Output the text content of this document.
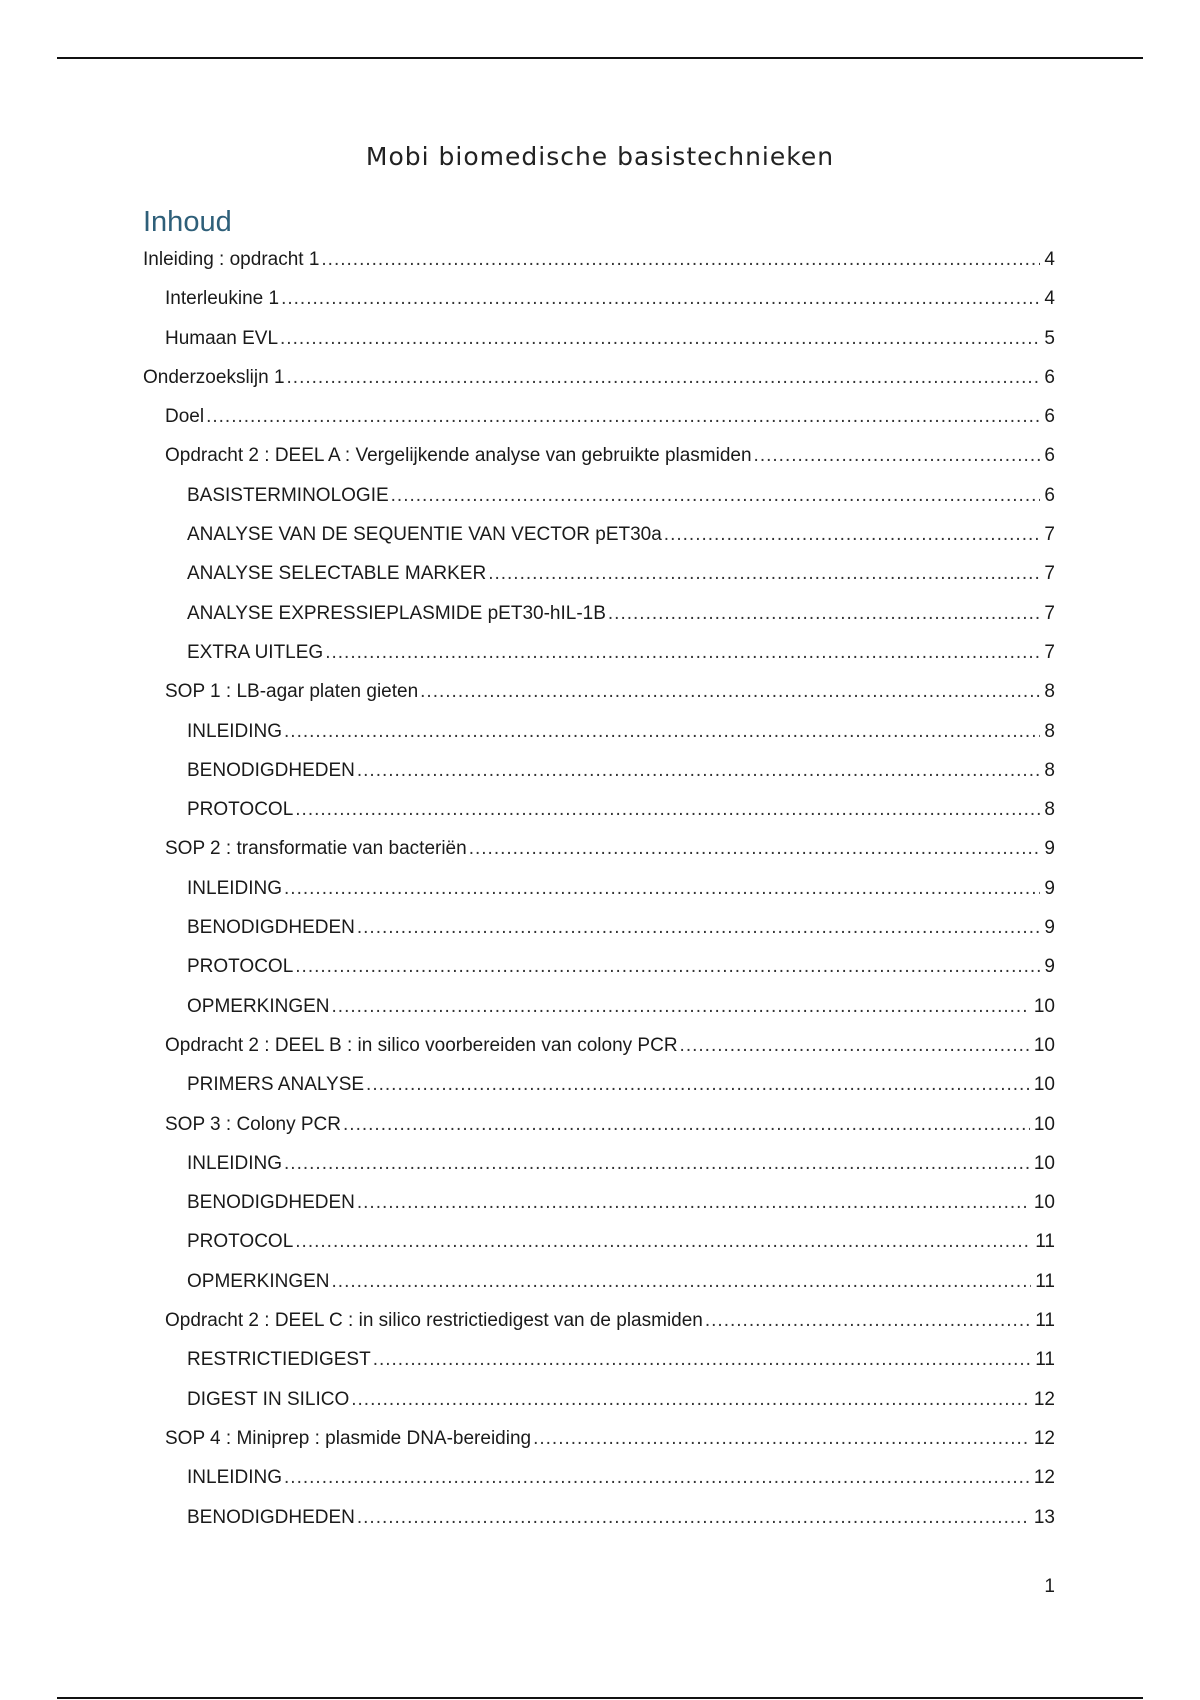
Mobi biomedische basistechnieken
Inhoud
Inleiding : opdracht 1 .....	4
Interleukine 1 .....	4
Humaan EVL .....	5
Onderzoekslijn 1 .....	6
Doel .....	6
Opdracht 2 : DEEL A : Vergelijkende analyse van gebruikte plasmiden .....	6
BASISTERMINOLOGIE .....	6
ANALYSE VAN DE SEQUENTIE VAN VECTOR pET30a .....	7
ANALYSE SELECTABLE MARKER .....	7
ANALYSE EXPRESSIEPLASMIDE pET30-hIL-1B .....	7
EXTRA UITLEG .....	7
SOP 1 : LB-agar platen gieten .....	8
INLEIDING .....	8
BENODIGDHEDEN .....	8
PROTOCOL .....	8
SOP 2 : transformatie van bacteriën .....	9
INLEIDING .....	9
BENODIGDHEDEN .....	9
PROTOCOL .....	9
OPMERKINGEN .....	10
Opdracht 2 : DEEL B : in silico voorbereiden van colony PCR .....	10
PRIMERS ANALYSE .....	10
SOP 3 : Colony PCR .....	10
INLEIDING .....	10
BENODIGDHEDEN .....	10
PROTOCOL .....	11
OPMERKINGEN .....	11
Opdracht 2 : DEEL C : in silico restrictiedigest van de plasmiden .....	11
RESTRICTIEDIGEST .....	11
DIGEST IN SILICO .....	12
SOP 4 : Miniprep : plasmide DNA-bereiding .....	12
INLEIDING .....	12
BENODIGDHEDEN .....	13

1
